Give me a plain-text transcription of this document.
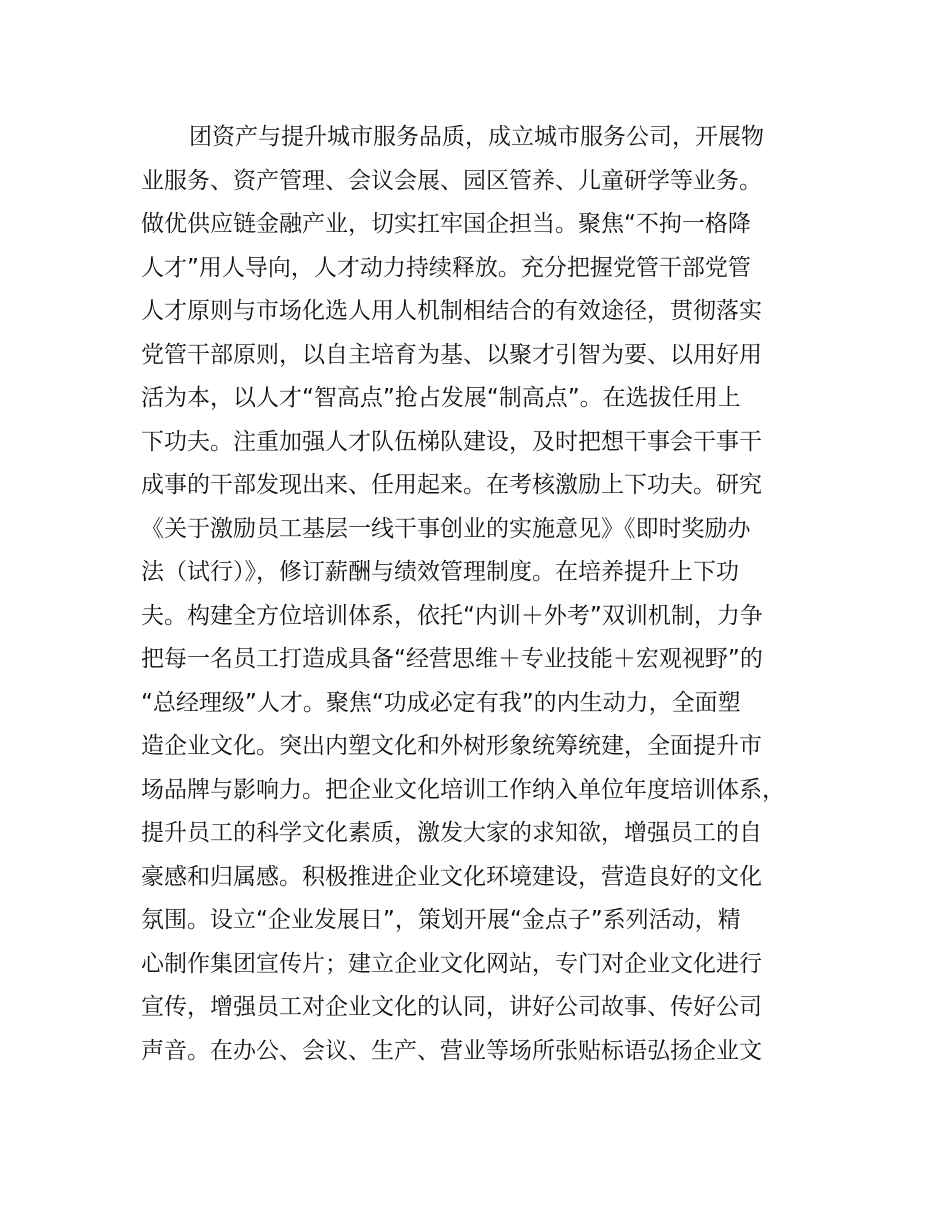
团资产与提升城市服务品质，成立城市服务公司，开展物
业服务、资产管理、会议会展、园区管养、儿童研学等业务。
做优供应链金融产业，切实扛牢国企担当。聚焦“不拘一格降
人才”用人导向，人才动力持续释放。充分把握党管干部党管
人才原则与市场化选人用人机制相结合的有效途径，贯彻落实
党管干部原则，以自主培育为基、以聚才引智为要、以用好用
活为本，以人才“智高点”抢占发展“制高点”。在选拔任用上
下功夫。注重加强人才队伍梯队建设，及时把想干事会干事干
成事的干部发现出来、任用起来。在考核激励上下功夫。研究
《关于激励员工基层一线干事创业的实施意见》《即时奖励办
法（试行）》，修订薪酬与绩效管理制度。在培养提升上下功
夫。构建全方位培训体系，依托“内训＋外考”双训机制，力争
把每一名员工打造成具备“经营思维＋专业技能＋宏观视野”的
“总经理级”人才。聚焦“功成必定有我”的内生动力，全面塑
造企业文化。突出内塑文化和外树形象统筹统建，全面提升市
场品牌与影响力。把企业文化培训工作纳入单位年度培训体系，
提升员工的科学文化素质，激发大家的求知欲，增强员工的自
豪感和归属感。积极推进企业文化环境建设，营造良好的文化
氛围。设立“企业发展日”，策划开展“金点子”系列活动，精
心制作集团宣传片；建立企业文化网站，专门对企业文化进行
宣传，增强员工对企业文化的认同，讲好公司故事、传好公司
声音。在办公、会议、生产、营业等场所张贴标语弘扬企业文
